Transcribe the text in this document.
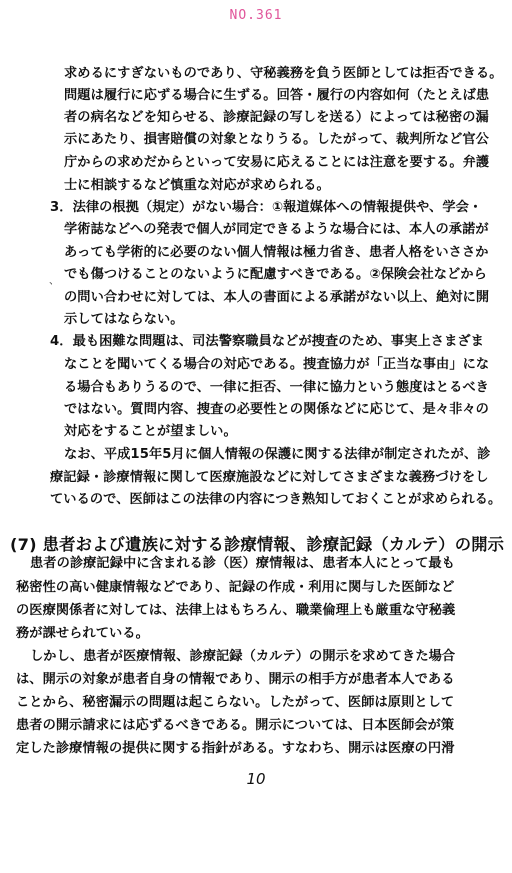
NO.361
求めるにすぎないものであり、守秘義務を負う医師としては拒否できる。
問題は履行に応ずる場合に生ずる。回答・履行の内容如何（たとえば患
者の病名などを知らせる、診療記録の写しを送る）によっては秘密の漏
示にあたり、損害賠償の対象となりうる。したがって、裁判所など官公
庁からの求めだからといって安易に応えることには注意を要する。弁護
士に相談するなど慎重な対応が求められる。
3．法律の根拠（規定）がない場合：①報道媒体への情報提供や、学会・
学術誌などへの発表で個人が同定できるような場合には、本人の承諾が
あっても学術的に必要のない個人情報は極力省き、患者人格をいささか
でも傷つけることのないように配慮すべきである。②保険会社などから
、
の問い合わせに対しては、本人の書面による承諾がない以上、絶対に開
示してはならない。
4．最も困難な問題は、司法警察職員などが捜査のため、事実上さまざま
なことを聞いてくる場合の対応である。捜査協力が「正当な事由」にな
る場合もありうるので、一律に拒否、一律に協力という態度はとるべき
ではない。質問内容、捜査の必要性との関係などに応じて、是々非々の
対応をすることが望ましい。
なお、平成15年5月に個人情報の保護に関する法律が制定されたが、診
療記録・診療情報に関して医療施設などに対してさまざまな義務づけをし
ているので、医師はこの法律の内容につき熟知しておくことが求められる。
(7) 患者および遺族に対する診療情報、診療記録（カルテ）の開示
患者の診療記録中に含まれる診（医）療情報は、患者本人にとって最も
秘密性の高い健康情報などであり、記録の作成・利用に関与した医師など
の医療関係者に対しては、法律上はもちろん、職業倫理上も厳重な守秘義
務が課せられている。
しかし、患者が医療情報、診療記録（カルテ）の開示を求めてきた場合
は、開示の対象が患者自身の情報であり、開示の相手方が患者本人である
ことから、秘密漏示の問題は起こらない。したがって、医師は原則として
患者の開示請求には応ずるべきである。開示については、日本医師会が策
定した診療情報の提供に関する指針がある。すなわち、開示は医療の円滑
10
